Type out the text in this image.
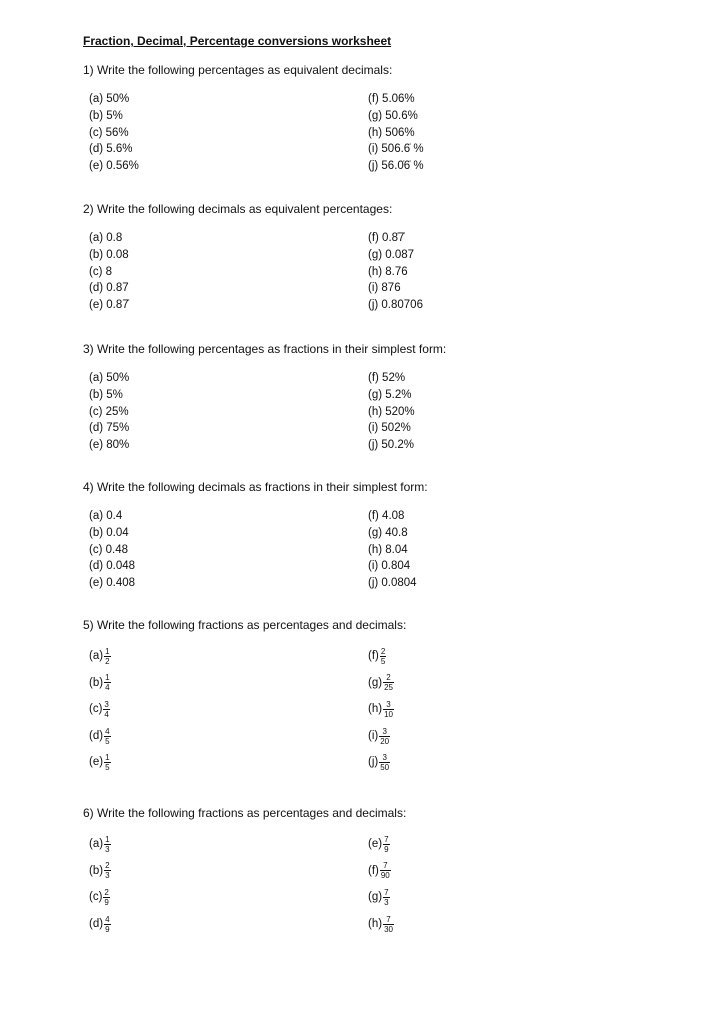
Fraction, Decimal, Percentage conversions worksheet
1) Write the following percentages as equivalent decimals:
(a) 50%
(b) 5%
(c) 56%
(d) 5.6%
(e) 0.56%
(f) 5.06%
(g) 50.6%
(h) 506%
(i) 506.6̇ %
(j) 56.0̇6̇ %
2) Write the following decimals as equivalent percentages:
(a) 0.8
(b) 0.08
(c) 8
(d) 0.87
(e) 0.87̇
(f) 0.8̇7̇
(g) 0.087
(h) 8.76
(i) 876
(j) 0.80706
3) Write the following percentages as fractions in their simplest form:
(a) 50%
(b) 5%
(c) 25%
(d) 75%
(e) 80%
(f) 52%
(g) 5.2%
(h) 520%
(i) 502%
(j) 50.2%
4) Write the following decimals as fractions in their simplest form:
(a) 0.4
(b) 0.04
(c) 0.48
(d) 0.048
(e) 0.408
(f) 4.08
(g) 40.8
(h) 8.04
(i) 0.804
(j) 0.0804
5) Write the following fractions as percentages and decimals:
$(a) \frac{1}{2}$
$(b) \frac{1}{4}$
$(c) \frac{3}{4}$
$(d) \frac{4}{5}$
$(e) \frac{1}{5}$
$(f) \frac{2}{5}$
$(g) \frac{2}{25}$
$(h) \frac{3}{10}$
$(i) \frac{3}{20}$
$(j) \frac{3}{50}$
6) Write the following fractions as percentages and decimals:
$(a) \frac{1}{3}$
$(b) \frac{2}{3}$
$(c) \frac{2}{9}$
$(d) \frac{4}{9}$
$(e) \frac{7}{9}$
$(f) \frac{7}{90}$
$(g) \frac{7}{3}$
$(h) \frac{7}{30}$
